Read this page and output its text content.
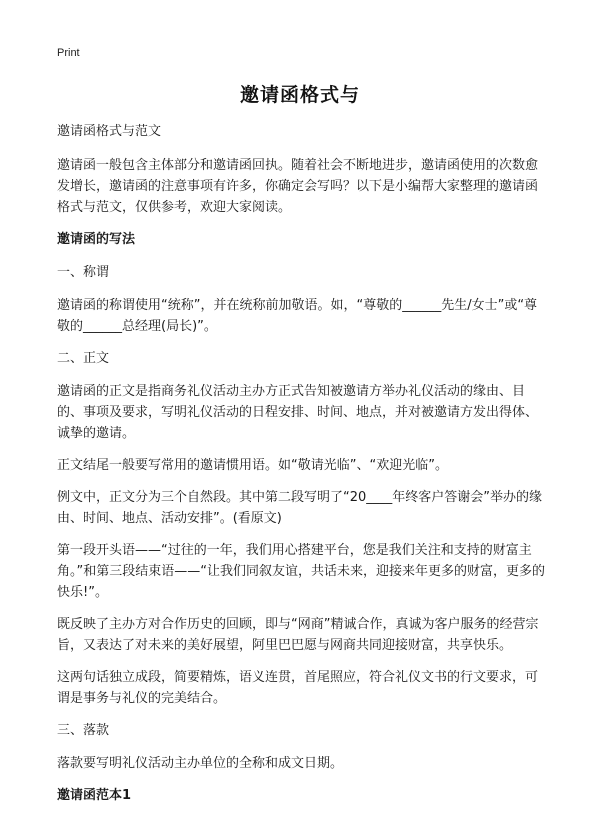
Print
邀请函格式与

邀请函格式与范文

邀请函一般包含主体部分和邀请函回执。随着社会不断地进步，邀请函使用的次数愈发增长，邀请函的注意事项有许多，你确定会写吗？以下是小编帮大家整理的邀请函格式与范文，仅供参考，欢迎大家阅读。

邀请函的写法

一、称谓

邀请函的称谓使用“统称”，并在统称前加敬语。如，“尊敬的______先生/女士”或“尊敬的______总经理(局长)”。

二、正文

邀请函的正文是指商务礼仪活动主办方正式告知被邀请方举办礼仪活动的缘由、目的、事项及要求，写明礼仪活动的日程安排、时间、地点，并对被邀请方发出得体、诚挚的邀请。

正文结尾一般要写常用的邀请惯用语。如“敬请光临”、“欢迎光临”。

例文中，正文分为三个自然段。其中第二段写明了“20____年终客户答谢会”举办的缘由、时间、地点、活动安排”。(看原文)

第一段开头语——“过往的一年，我们用心搭建平台，您是我们关注和支持的财富主角。”和第三段结束语——“让我们同叙友谊，共话未来，迎接来年更多的财富，更多的快乐!”。

既反映了主办方对合作历史的回顾，即与“网商”精诚合作，真诚为客户服务的经营宗旨，又表达了对未来的美好展望，阿里巴巴愿与网商共同迎接财富，共享快乐。

这两句话独立成段，简要精炼，语义连贯，首尾照应，符合礼仪文书的行文要求，可谓是事务与礼仪的完美结合。

三、落款

落款要写明礼仪活动主办单位的全称和成文日期。

邀请函范本1
